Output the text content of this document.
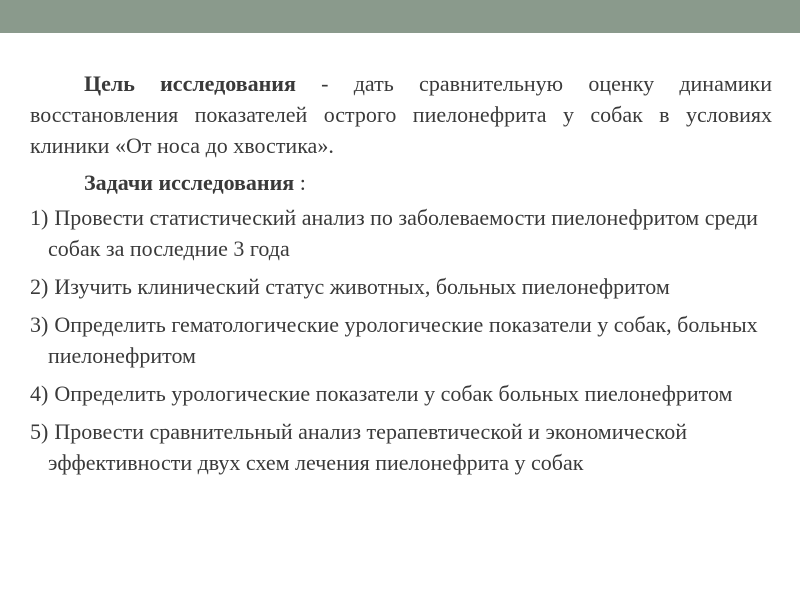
Цель исследования - дать сравнительную оценку динамики восстановления показателей острого пиелонефрита у собак в условиях клиники «От носа до хвостика».

Задачи исследования :
1) Провести статистический анализ по заболеваемости пиелонефритом среди собак за последние 3 года
2) Изучить клинический статус животных, больных пиелонефритом
3) Определить гематологические урологические показатели у собак, больных пиелонефритом
4) Определить урологические показатели у собак больных пиелонефритом
5) Провести сравнительный анализ терапевтической и экономической эффективности двух схем лечения пиелонефрита у собак
